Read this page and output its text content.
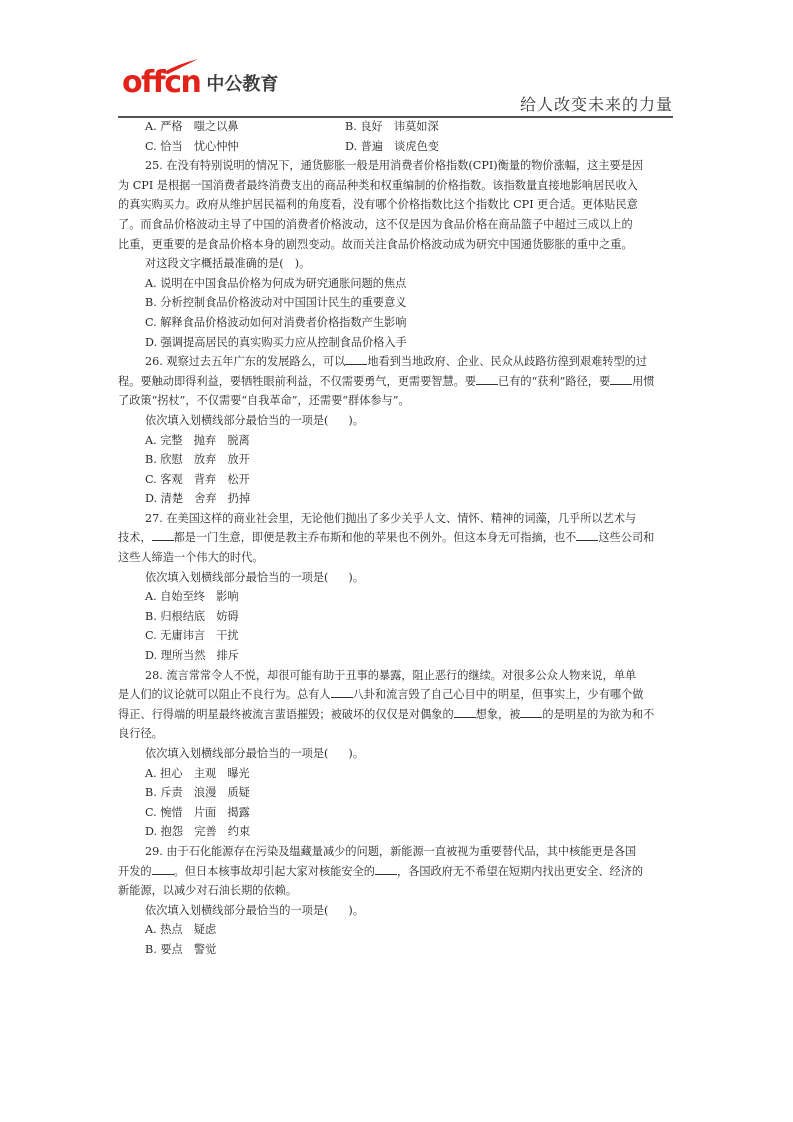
offcn 中公教育
给人改变未来的力量
A. 严格　嗤之以鼻	B. 良好　讳莫如深
C. 恰当　忧心忡忡	D. 普遍　谈虎色变
25. 在没有特别说明的情况下，通货膨胀一般是用消费者价格指数(CPI)衡量的物价涨幅，这主要是因
为 CPI 是根据一国消费者最终消费支出的商品种类和权重编制的价格指数。该指数量直接地影响居民收入
的真实购买力。政府从维护居民福利的角度看，没有哪个价格指数比这个指数比 CPI 更合适。更体贴民意
了。而食品价格波动主导了中国的消费者价格波动，这不仅是因为食品价格在商品篮子中超过三成以上的
比重，更重要的是食品价格本身的剧烈变动。故而关注食品价格波动成为研究中国通货膨胀的重中之重。
对这段文字概括最准确的是(　)。
A. 说明在中国食品价格为何成为研究通胀问题的焦点
B. 分析控制食品价格波动对中国国计民生的重要意义
C. 解释食品价格波动如何对消费者价格指数产生影响
D. 强调提高居民的真实购买力应从控制食品价格入手
26. 观察过去五年广东的发展路么，可以 地看到当地政府、企业、民众从歧路彷徨到艰难转型的过
程。要触动即得利益，要牺牲眼前利益，不仅需要勇气，更需要智慧。要 已有的“获利”路径，要 用惯
了政策“拐杖”，不仅需要“自我革命”，还需要“群体参与”。
依次填入划横线部分最恰当的一项是( )。
A. 完整　抛弃　脱离
B. 欣慰　放弃　放开
C. 客观　背弃　松开
D. 清楚　舍弃　扔掉
27. 在美国这样的商业社会里，无论他们抛出了多少关乎人文、情怀、精神的词藻，几乎所以艺术与
技术， 都是一门生意，即便是教主乔布斯和他的苹果也不例外。但这本身无可指摘，也不 这些公司和
这些人缔造一个伟大的时代。
依次填入划横线部分最恰当的一项是( )。
A. 自始至终　影响
B. 归根结底　妨碍
C. 无庸讳言　干扰
D. 理所当然　排斥
28. 流言常常令人不悦，却很可能有助于丑事的暴露，阻止恶行的继续。对很多公众人物来说，单单
是人们的议论就可以阻止不良行为。总有人 八卦和流言毁了自己心目中的明星，但事实上，少有哪个做
得正、行得端的明星最终被流言蜚语摧毁；被破坏的仅仅是对偶象的 想象，被 的是明星的为欲为和不
良行径。
依次填入划横线部分最恰当的一项是( )。
A. 担心　主观　曝光
B. 斥责　浪漫　质疑
C. 惋惜　片面　揭露
D. 抱怨　完善　约束
29. 由于石化能源存在污染及缊藏量减少的问题，新能源一直被视为重要替代品，其中核能更是各国
开发的 。但日本核事故却引起大家对核能安全的 ，各国政府无不希望在短期内找出更安全、经济的
新能源，以减少对石油长期的依赖。
依次填入划横线部分最恰当的一项是( )。
A. 热点　疑虑
B. 要点　警觉
